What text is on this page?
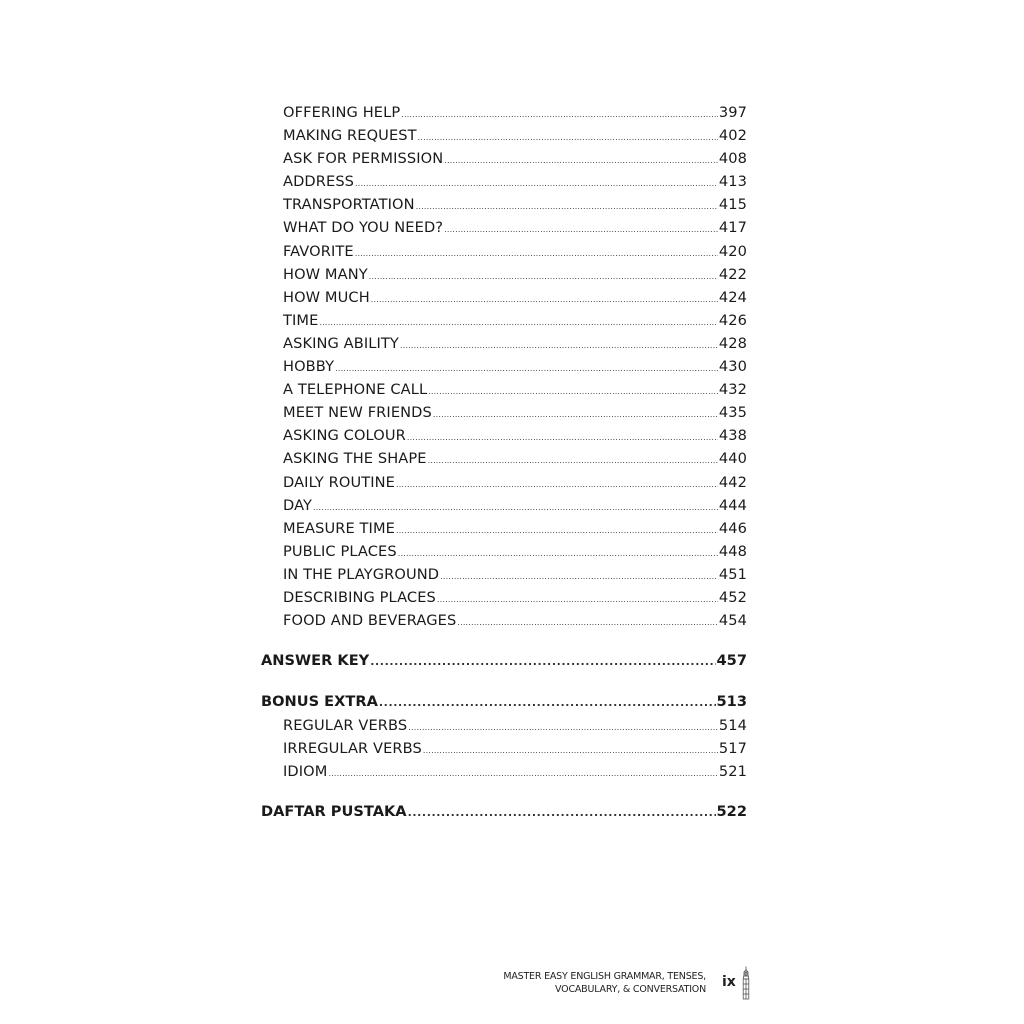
OFFERING HELP .....	397
MAKING REQUEST .....	402
ASK FOR PERMISSION .....	408
ADDRESS .....	413
TRANSPORTATION .....	415
WHAT DO YOU NEED? .....	417
FAVORITE .....	420
HOW MANY .....	422
HOW MUCH .....	424
TIME .....	426
ASKING ABILITY .....	428
HOBBY .....	430
A TELEPHONE CALL .....	432
MEET NEW FRIENDS .....	435
ASKING COLOUR .....	438
ASKING THE SHAPE .....	440
DAILY ROUTINE .....	442
DAY .....	444
MEASURE TIME .....	446
PUBLIC PLACES .....	448
IN THE PLAYGROUND .....	451
DESCRIBING PLACES .....	452
FOOD AND BEVERAGES .....	454
ANSWER KEY .....	457
BONUS EXTRA .....	513
REGULAR VERBS .....	514
IRREGULAR VERBS .....	517
IDIOM .....	521
DAFTAR PUSTAKA .....	522
MASTER EASY ENGLISH GRAMMAR, TENSES,
VOCABULARY, & CONVERSATION ix
